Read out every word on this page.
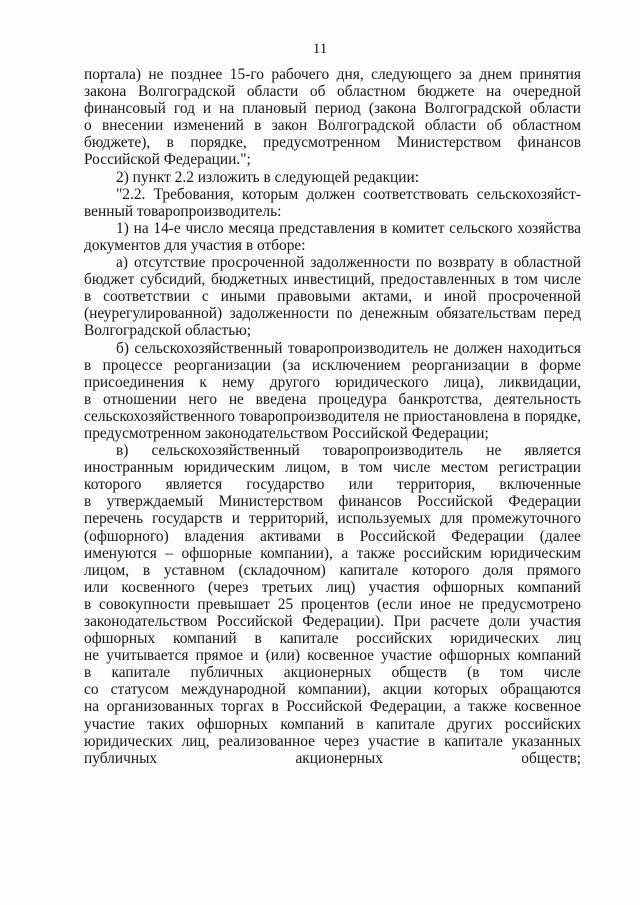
11
портала) не позднее 15-го рабочего дня, следующего за днем принятия
закона Волгоградской области об областном бюджете на очередной
финансовый год и на плановый период (закона Волгоградской области
о внесении изменений в закон Волгоградской области об областном
бюджете), в порядке, предусмотренном Министерством финансов
Российской Федерации.";
2) пункт 2.2 изложить в следующей редакции:
"2.2. Требования, которым должен соответствовать сельскохозяйст-
венный товаропроизводитель:
1) на 14-е число месяца представления в комитет сельского хозяйства
документов для участия в отборе:
а) отсутствие просроченной задолженности по возврату в областной
бюджет субсидий, бюджетных инвестиций, предоставленных в том числе
в соответствии с иными правовыми актами, и иной просроченной
(неурегулированной) задолженности по денежным обязательствам перед
Волгоградской областью;
б) сельскохозяйственный товаропроизводитель не должен находиться
в процессе реорганизации (за исключением реорганизации в форме
присоединения к нему другого юридического лица), ликвидации,
в отношении него не введена процедура банкротства, деятельность
сельскохозяйственного товаропроизводителя не приостановлена в порядке,
предусмотренном законодательством Российской Федерации;
в) сельскохозяйственный товаропроизводитель не является
иностранным юридическим лицом, в том числе местом регистрации
которого является государство или территория, включенные
в утверждаемый Министерством финансов Российской Федерации
перечень государств и территорий, используемых для промежуточного
(офшорного) владения активами в Российской Федерации (далее
именуются – офшорные компании), а также российским юридическим
лицом, в уставном (складочном) капитале которого доля прямого
или косвенного (через третьих лиц) участия офшорных компаний
в совокупности превышает 25 процентов (если иное не предусмотрено
законодательством Российской Федерации). При расчете доли участия
офшорных компаний в капитале российских юридических лиц
не учитывается прямое и (или) косвенное участие офшорных компаний
в капитале публичных акционерных обществ (в том числе
со статусом международной компании), акции которых обращаются
на организованных торгах в Российской Федерации, а также косвенное
участие таких офшорных компаний в капитале других российских
юридических лиц, реализованное через участие в капитале указанных
публичных акционерных обществ;
